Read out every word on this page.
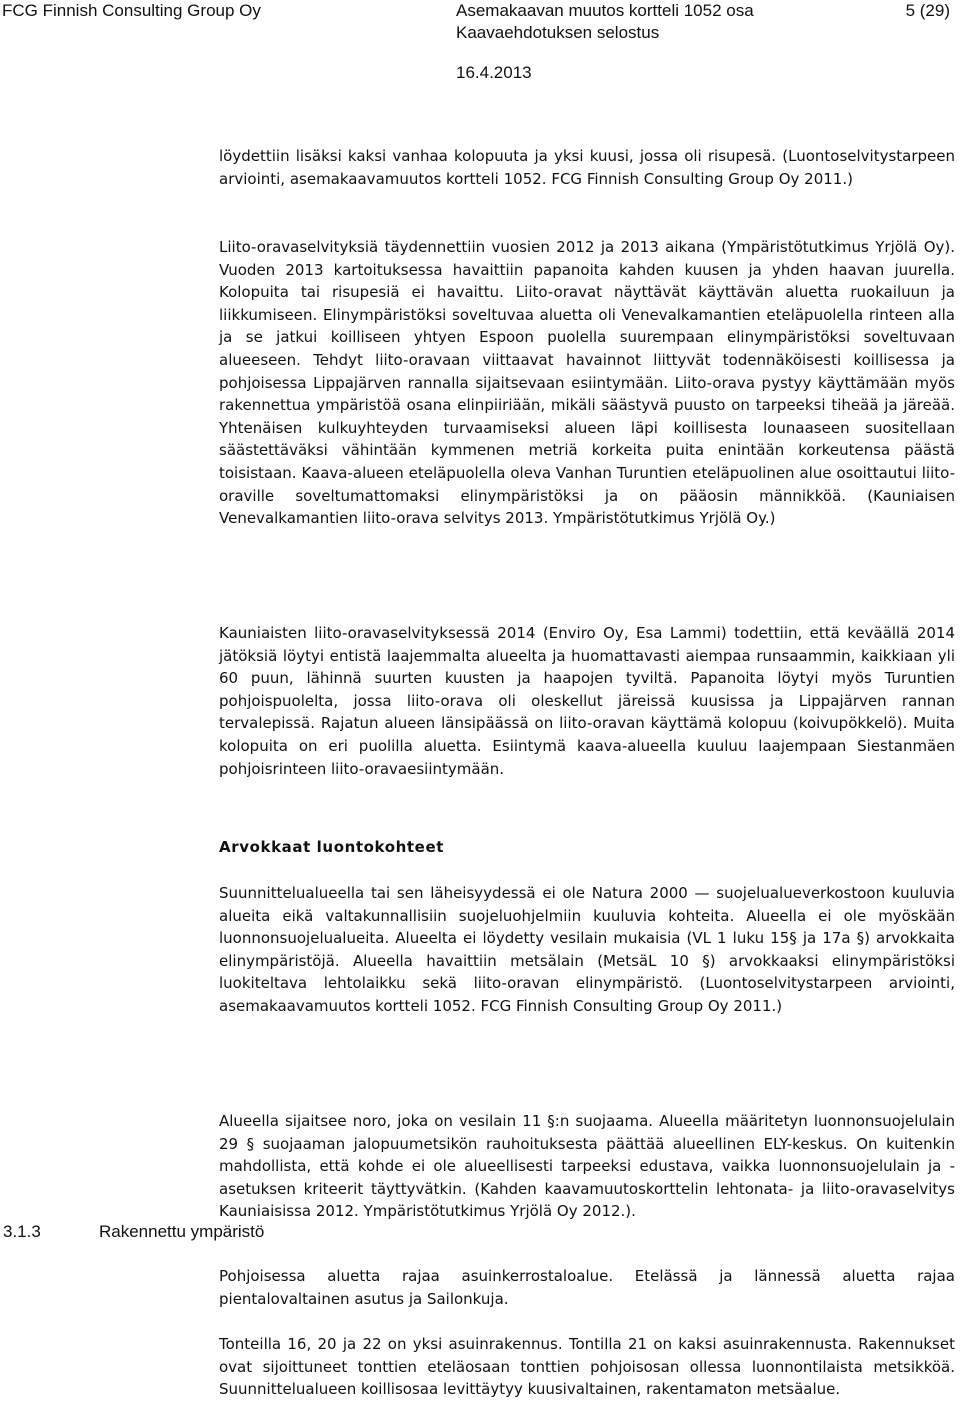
FCG Finnish Consulting Group Oy	Asemakaavan muutos kortteli 1052 osa
Kaavaehdotuksen selostus
16.4.2013
5 (29)

löydettiin lisäksi kaksi vanhaa kolopuuta ja yksi kuusi, jossa oli risupesä. (Luontoselvitystarpeen arviointi, asemakaavamuutos kortteli 1052. FCG Finnish Consulting Group Oy 2011.)

Liito-oravaselvityksiä täydennettiin vuosien 2012 ja 2013 aikana (Ympäristötutkimus Yrjölä Oy). Vuoden 2013 kartoituksessa havaittiin papanoita kahden kuusen ja yhden haavan juurella. Kolopuita tai risupesiä ei havaittu. Liito-oravat näyttävät käyttävän aluetta ruokailuun ja liikkumiseen. Elinympäristöksi soveltuvaa aluetta oli Venevalkamantien eteläpuolella rinteen alla ja se jatkui koilliseen yhtyen Espoon puolella suurempaan elinympäristöksi soveltuvaan alueeseen. Tehdyt liito-oravaan viittaavat havainnot liittyvät todennäköisesti koillisessa ja pohjoisessa Lippajärven rannalla sijaitsevaan esiintymään. Liito-orava pystyy käyttämään myös rakennettua ympäristöä osana elinpiiriään, mikäli säästyvä puusto on tarpeeksi tiheää ja järeää. Yhtenäisen kulkuyhteyden turvaamiseksi alueen läpi koillisesta lounaaseen suositellaan säästettäväksi vähintään kymmenen metriä korkeita puita enintään korkeutensa päästä toisistaan. Kaava-alueen eteläpuolella oleva Vanhan Turuntien eteläpuolinen alue osoittautui liito-oraville soveltumattomaksi elinympäristöksi ja on pääosin männikköä. (Kauniaisen Venevalkamantien liito-orava selvitys 2013. Ympäristötutkimus Yrjölä Oy.)

Kauniaisten liito-oravaselvityksessä 2014 (Enviro Oy, Esa Lammi) todettiin, että keväällä 2014 jätöksiä löytyi entistä laajemmalta alueelta ja huomattavasti aiempaa runsaammin, kaikkiaan yli 60 puun, lähinnä suurten kuusten ja haapojen tyviltä. Papanoita löytyi myös Turuntien pohjoispuolelta, jossa liito-orava oli oleskellut järeissä kuusissa ja Lippajärven rannan tervalepissä. Rajatun alueen länsipäässä on liito-oravan käyttämä kolopuu (koivupökkelö). Muita kolopuita on eri puolilla aluetta. Esiintymä kaava-alueella kuuluu laajempaan Siestanmäen pohjoisrinteen liito-oravaesiintymään.

Arvokkaat luontokohteet

Suunnittelualueella tai sen läheisyydessä ei ole Natura 2000 — suojelualueverkostoon kuuluvia alueita eikä valtakunnallisiin suojeluohjelmiin kuuluvia kohteita. Alueella ei ole myöskään luonnonsuojelualueita. Alueelta ei löydetty vesilain mukaisia (VL 1 luku 15§ ja 17a §) arvokkaita elinympäristöjä. Alueella havaittiin metsälain (MetsäL 10 §) arvokkaaksi elinympäristöksi luokiteltava lehtolaikku sekä liito-oravan elinympäristö. (Luontoselvitystarpeen arviointi, asemakaavamuutos kortteli 1052. FCG Finnish Consulting Group Oy 2011.)

Alueella sijaitsee noro, joka on vesilain 11 §:n suojaama. Alueella määritetyn luonnonsuojelulain 29 § suojaaman jalopuumetsikön rauhoituksesta päättää alueellinen ELY-keskus. On kuitenkin mahdollista, että kohde ei ole alueellisesti tarpeeksi edustava, vaikka luonnonsuojelulain ja -asetuksen kriteerit täyttyvätkin. (Kahden kaavamuutoskorttelin lehtonata- ja liito-oravaselvitys Kauniaisissa 2012. Ympäristötutkimus Yrjölä Oy 2012.).

3.1.3	Rakennettu ympäristö

Pohjoisessa aluetta rajaa asuinkerrostaloalue. Etelässä ja lännessä aluetta rajaa pientalovaltainen asutus ja Sailonkuja.

Tonteilla 16, 20 ja 22 on yksi asuinrakennus. Tontilla 21 on kaksi asuinrakennusta. Rakennukset ovat sijoittuneet tonttien eteläosaan tonttien pohjoisosan ollessa luonnontilaista metsikköä. Suunnittelualueen koillisosaa levittäytyy kuusivaltainen, rakentamaton metsäalue.
